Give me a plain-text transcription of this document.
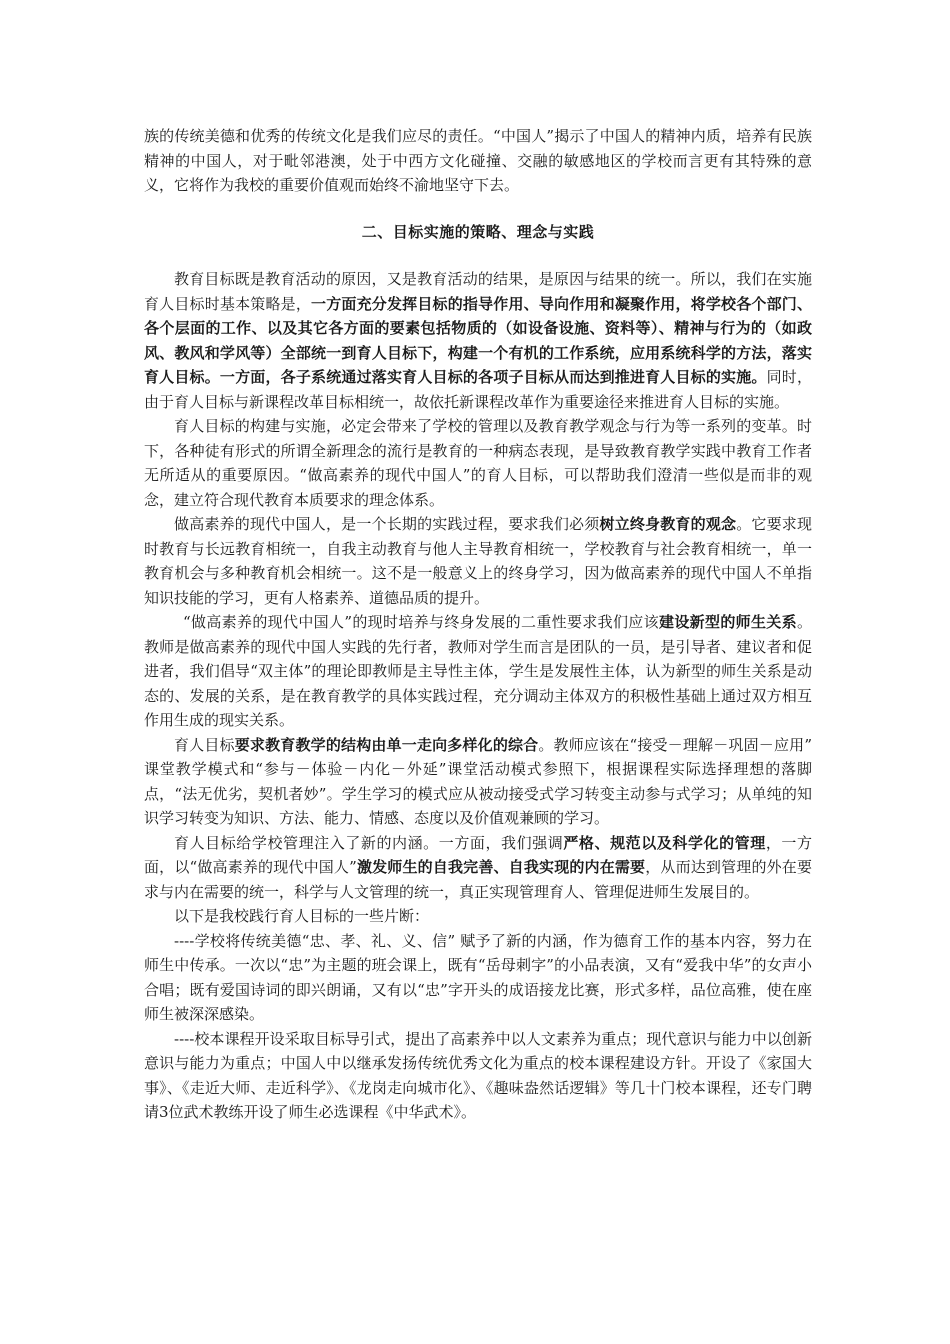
族的传统美德和优秀的传统文化是我们应尽的责任。“中国人”揭示了中国人的精神内质，培养有民族精神的中国人，对于毗邻港澳，处于中西方文化碰撞、交融的敏感地区的学校而言更有其特殊的意义，它将作为我校的重要价值观而始终不渝地坚守下去。

二、目标实施的策略、理念与实践

教育目标既是教育活动的原因，又是教育活动的结果，是原因与结果的统一。所以，我们在实施育人目标时基本策略是，一方面充分发挥目标的指导作用、导向作用和凝聚作用，将学校各个部门、各个层面的工作、以及其它各方面的要素包括物质的（如设备设施、资料等）、精神与行为的（如政风、教风和学风等）全部统一到育人目标下，构建一个有机的工作系统，应用系统科学的方法，落实育人目标。一方面，各子系统通过落实育人目标的各项子目标从而达到推进育人目标的实施。同时，由于育人目标与新课程改革目标相统一，故依托新课程改革作为重要途径来推进育人目标的实施。

育人目标的构建与实施，必定会带来了学校的管理以及教育教学观念与行为等一系列的变革。时下，各种徒有形式的所谓全新理念的流行是教育的一种病态表现，是导致教育教学实践中教育工作者无所适从的重要原因。“做高素养的现代中国人”的育人目标，可以帮助我们澄清一些似是而非的观念，建立符合现代教育本质要求的理念体系。

做高素养的现代中国人，是一个长期的实践过程，要求我们必须树立终身教育的观念。它要求现时教育与长远教育相统一，自我主动教育与他人主导教育相统一，学校教育与社会教育相统一，单一教育机会与多种教育机会相统一。这不是一般意义上的终身学习，因为做高素养的现代中国人不单指知识技能的学习，更有人格素养、道德品质的提升。

“做高素养的现代中国人”的现时培养与终身发展的二重性要求我们应该建设新型的师生关系。教师是做高素养的现代中国人实践的先行者，教师对学生而言是团队的一员，是引导者、建议者和促进者，我们倡导“双主体”的理论即教师是主导性主体，学生是发展性主体，认为新型的师生关系是动态的、发展的关系，是在教育教学的具体实践过程，充分调动主体双方的积极性基础上通过双方相互作用生成的现实关系。

育人目标要求教育教学的结构由单一走向多样化的综合。教师应该在“接受－理解－巩固－应用” 课堂教学模式和“参与－体验－内化－外延”课堂活动模式参照下，根据课程实际选择理想的落脚点，“法无优劣，契机者妙”。学生学习的模式应从被动接受式学习转变主动参与式学习；从单纯的知识学习转变为知识、方法、能力、情感、态度以及价值观兼顾的学习。

育人目标给学校管理注入了新的内涵。一方面，我们强调严格、规范以及科学化的管理，一方面，以“做高素养的现代中国人”激发师生的自我完善、自我实现的内在需要，从而达到管理的外在要求与内在需要的统一，科学与人文管理的统一，真正实现管理育人、管理促进师生发展目的。

以下是我校践行育人目标的一些片断：

----学校将传统美德“忠、孝、礼、义、信” 赋予了新的内涵，作为德育工作的基本内容，努力在师生中传承。一次以“忠”为主题的班会课上，既有“岳母刺字”的小品表演，又有“爱我中华”的女声小合唱；既有爱国诗词的即兴朗诵，又有以“忠”字开头的成语接龙比赛，形式多样，品位高雅，使在座师生被深深感染。

----校本课程开设采取目标导引式，提出了高素养中以人文素养为重点；现代意识与能力中以创新意识与能力为重点；中国人中以继承发扬传统优秀文化为重点的校本课程建设方针。开设了《家国大事》、《走近大师、走近科学》、《龙岗走向城市化》、《趣味盎然话逻辑》等几十门校本课程，还专门聘请3位武术教练开设了师生必选课程《中华武术》。
